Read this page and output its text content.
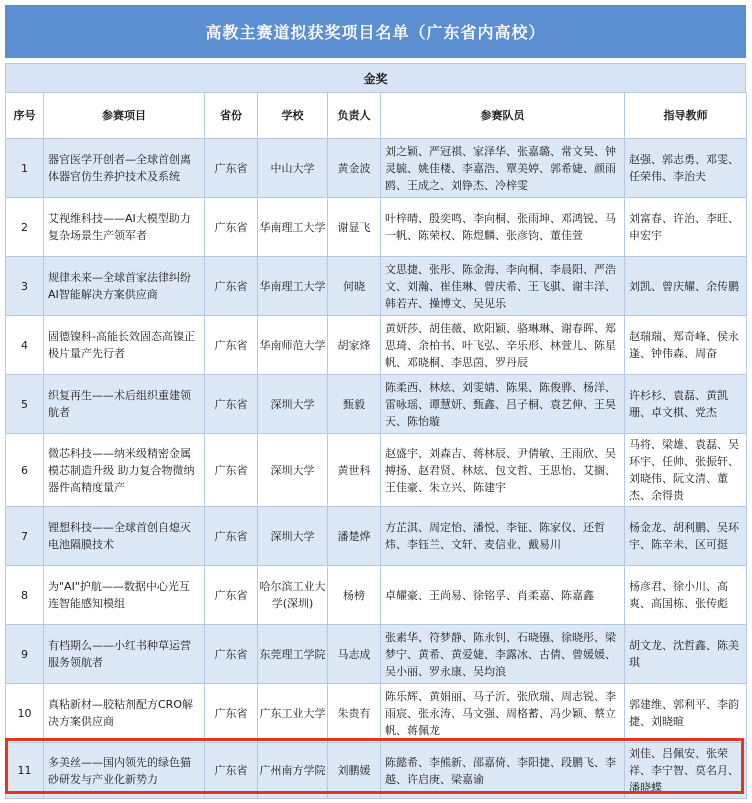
高教主赛道拟获奖项目名单（广东省内高校）
金奖
序号	参赛项目	省份	学校	负责人	参赛队员	指导教师
1	器官医学开创者—全球首创离体器官仿生养护技术及系统	广东省	中山大学	黄金波	刘之颖、严冠祺、家泽华、张嘉璐、常文昊、钟灵毓、姚佳楼、李嘉浩、覃美婷、郭希婕、颜雨鸥、王成之、刘铮杰、冷梓雯	赵强、郭志勇、邓雯、任荣伟、李治夫
2	艾视维科技——AI大模型助力复杂场景生产领军者	广东省	华南理工大学	谢显飞	叶梓晴、殷奕鸣、李向桐、张雨坤、邓鸿锐、马一帆、陈荣权、陈煜麟、张彦钧、董佳萱	刘富春、许治、李旺、申宏宇
3	规律未来—全球首家法律纠纷AI智能解决方案供应商	广东省	华南理工大学	何晓	文思捷、张彤、陈金海、李向桐、李晨阳、严浩文、刘瀚、崔佳琳、曾庆希、王飞骐、谢丰洋、韩若卉、操博文、吴见乐	刘凯、曾庆耀、余传鹏
4	固德镍科-高能长效固态高镍正极片量产先行者	广东省	华南师范大学	胡家烽	黄妍莎、胡佳薇、欧阳颖、骆琳琳、谢春晖、郑思琦、余柏书、叶飞弘、辛乐形、林萱儿、陈星帆、邓晓桐、李思茵、罗丹辰	赵瑞瑞、郑奇峰、侯永逢、钟伟森、周奋
5	织复再生——术后组织重建领航者	广东省	深圳大学	甄毅	陈柔西、林炫、刘雯婧、陈果、陈俊骅、杨洋、雷咏瑶、谭慧妍、甄鑫、吕子桐、袁艺伸、王昊天、陈怡璇	许杉杉、袁磊、黄凯珊、卓文棋、党杰
6	微芯科技——纳米级精密金属模芯制造升级 助力复合物微纳器件高精度量产	广东省	深圳大学	黄世科	赵盛宇、刘森吉、蒋林辰、尹倩敏、王雨欣、吴搏扬、赵君贤、林炫、包文哲、王思怡、艾搁、王佳豪、朱立兴、陈建宇	马将、梁雄、袁磊、吴环宇、任帅、张振轩、刘晓伟、阮文清、董杰、余得贵
7	锂想科技——全球首创自熄灭电池隔膜技术	广东省	深圳大学	潘楚烨	方芷淇、周定怡、潘悦、李钲、陈家仪、还哲炜、李钰兰、文轩、麦信业、戴易川	杨金龙、胡利鹏、吴环宇、陈辛未、区可挺
8	为"AI"护航——数据中心光互连智能感知模组	广东省	哈尔滨工业大学(深圳)	杨榜	卓耀豪、王尚易、徐铭孚、肖柔嘉、陈嘉鑫	杨彦君、徐小川、高爽、高国栋、张传彪
9	有档期么——小红书种草运营服务领航者	广东省	东莞理工学院	马志成	张素华、符梦静、陈永钊、石晓镪、徐晓彤、梁梦宁、黄希、黄爱婕、李露冰、古倩、曾媛媛、吴小丽、罗永康、吴均浪	胡文龙、沈哲鑫、陈美琪
10	真粘新材—胶粘剂配方CRO解决方案供应商	广东省	广东工业大学	朱贵有	陈乐辉、黄娟丽、马子沂、张欣瑞、周志锐、李雨宸、张永涛、马文强、周格蓄、冯少颖、蔡立帆、蒋佩龙	郭建维、郭利平、李韵捷、刘晓暄
11	多美丝——国内领先的绿色猫砂研发与产业化新势力	广东省	广州南方学院	刘鹏媛	陈懿希、李熊新、邵嘉倚、李阳捷、段鹏飞、李越、许启庚、梁嘉谕	刘佳、吕佩安、张荣祥、李宁智、莫名月、潘晓蝶
